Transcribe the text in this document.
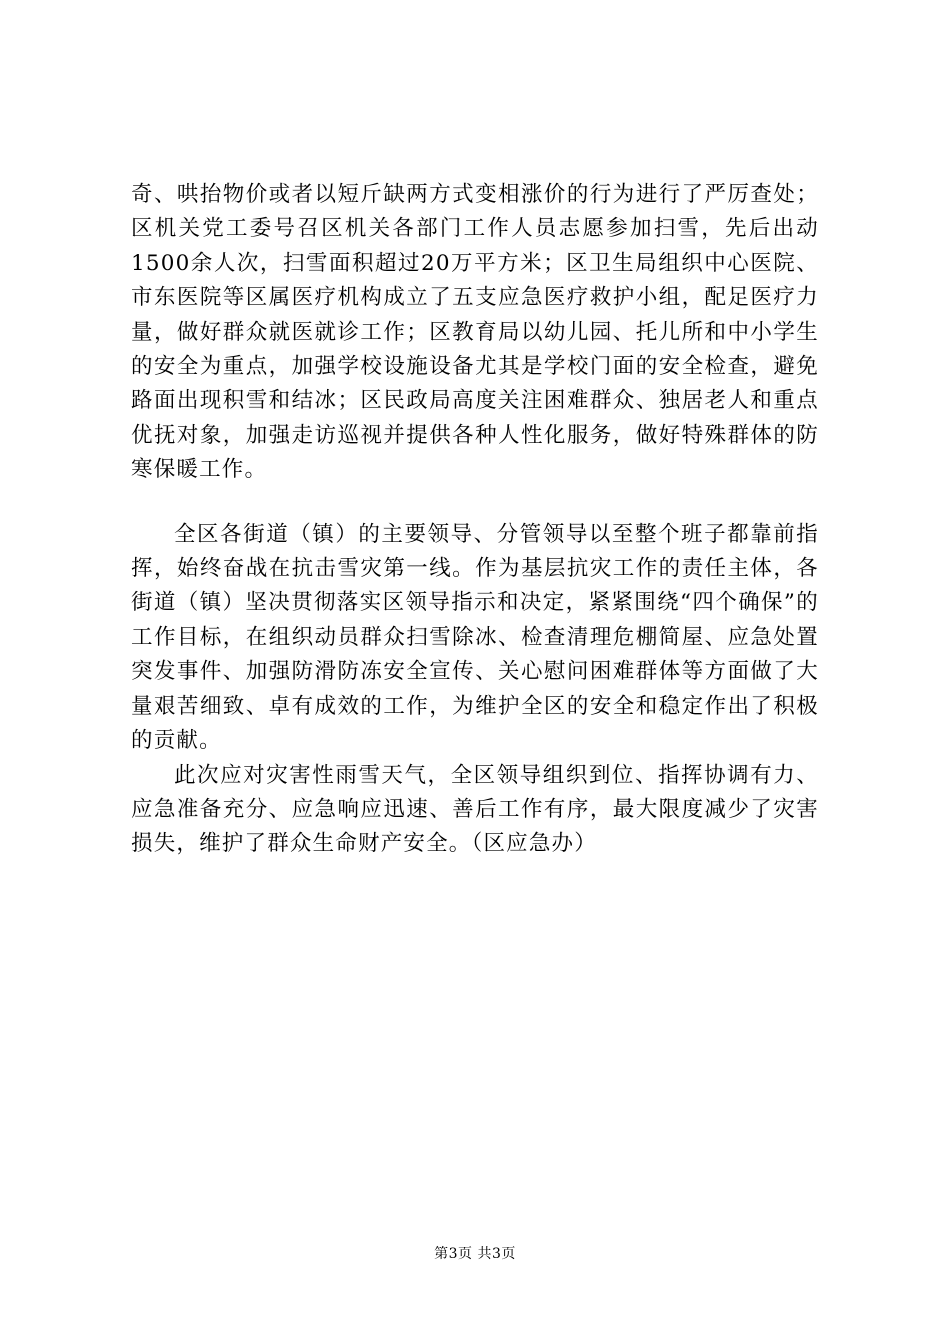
奇、哄抬物价或者以短斤缺两方式变相涨价的行为进行了严厉查处；区机关党工委号召区机关各部门工作人员志愿参加扫雪，先后出动1500余人次，扫雪面积超过20万平方米；区卫生局组织中心医院、市东医院等区属医疗机构成立了五支应急医疗救护小组，配足医疗力量，做好群众就医就诊工作；区教育局以幼儿园、托儿所和中小学生的安全为重点，加强学校设施设备尤其是学校门面的安全检查，避免路面出现积雪和结冰；区民政局高度关注困难群众、独居老人和重点优抚对象，加强走访巡视并提供各种人性化服务，做好特殊群体的防寒保暖工作。

全区各街道（镇）的主要领导、分管领导以至整个班子都靠前指挥，始终奋战在抗击雪灾第一线。作为基层抗灾工作的责任主体，各街道（镇）坚决贯彻落实区领导指示和决定，紧紧围绕“四个确保”的工作目标，在组织动员群众扫雪除冰、检查清理危棚简屋、应急处置突发事件、加强防滑防冻安全宣传、关心慰问困难群体等方面做了大量艰苦细致、卓有成效的工作，为维护全区的安全和稳定作出了积极的贡献。

此次应对灾害性雨雪天气，全区领导组织到位、指挥协调有力、应急准备充分、应急响应迅速、善后工作有序，最大限度减少了灾害损失，维护了群众生命财产安全。（区应急办）

第3页 共3页
